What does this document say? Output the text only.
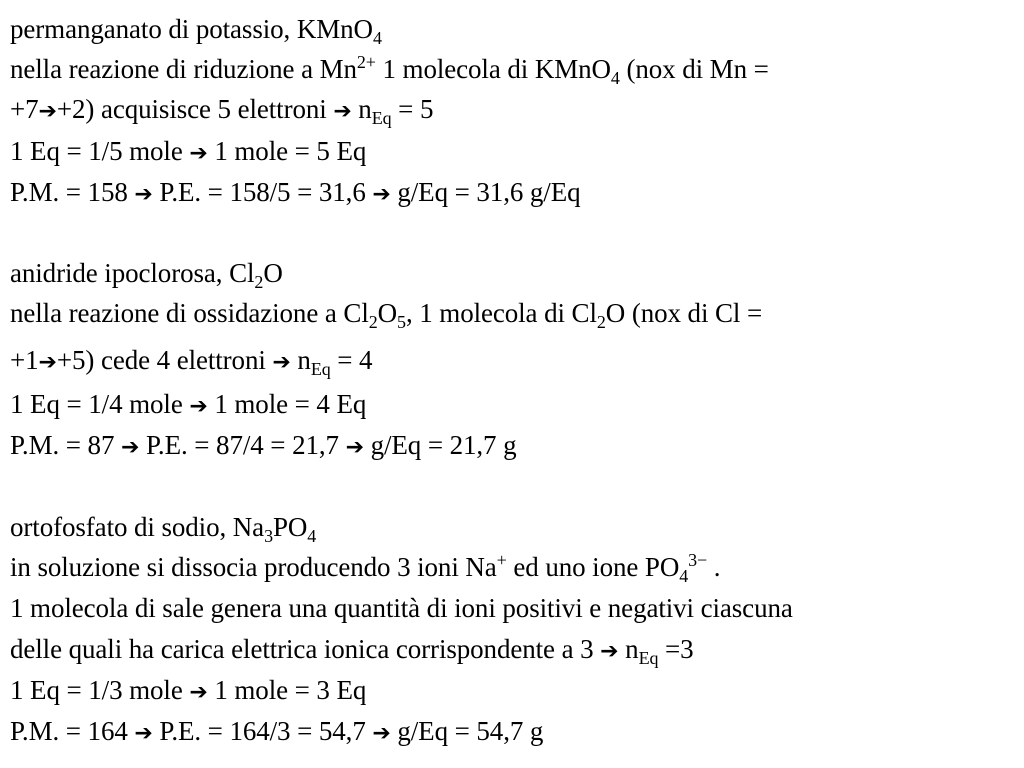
permanganato di potassio, KMnO$_4$
nella reazione di riduzione a $Mn^{2+}$ 1 molecola di KMnO$_4$ (nox di Mn =
+7➔+2) acquisisce 5 elettroni ➔ $n_{Eq} = 5$
1 Eq = 1/5 mole ➔ 1 mole = 5 Eq
P.M. = 158 ➔ P.E. = 158/5 = 31,6 ➔ g/Eq = 31,6 g/Eq
anidride ipoclorosa, $Cl_2O$
nella reazione di ossidazione a $Cl_2O_5$, 1 molecola di $Cl_2O$ (nox di Cl =
+1➔+5) cede 4 elettroni ➔ $n_{Eq} = 4$
1 Eq = 1/4 mole ➔ 1 mole = 4 Eq
P.M. = 87 ➔ P.E. = 87/4 = 21,7 ➔ g/Eq = 21,7 g
ortofosfato di sodio, $Na_3PO_4$
in soluzione si dissocia producendo 3 ioni Na+ ed uno ione $PO_4^{3-}$ .
1 molecola di sale genera una quantità di ioni positivi e negativi ciascuna
delle quali ha carica elettrica ionica corrispondente a 3 ➔ $n_{Eq} =3$
1 Eq = 1/3 mole ➔ 1 mole = 3 Eq
P.M. = 164 ➔ P.E. = 164/3 = 54,7 ➔ g/Eq = 54,7 g
